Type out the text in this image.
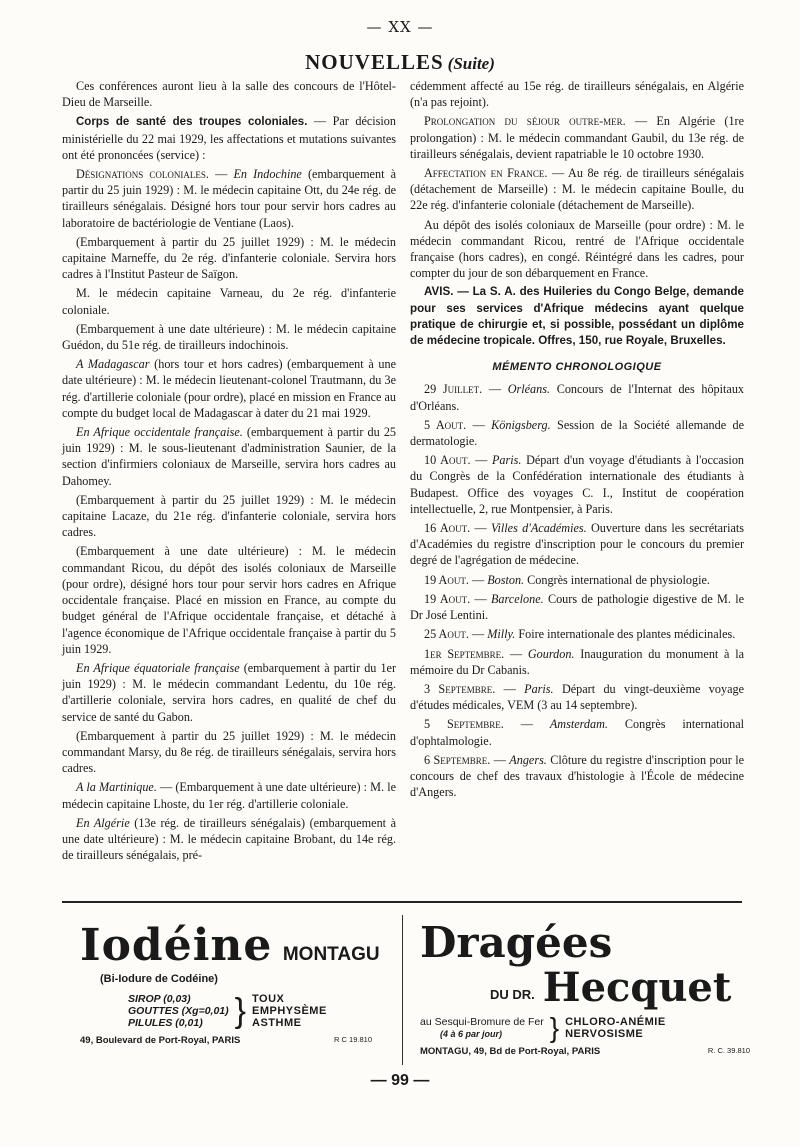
— XX —
NOUVELLES (Suite)

Ces conférences auront lieu à la salle des concours de l'Hôtel-Dieu de Marseille.

Corps de santé des troupes coloniales. — Par décision ministérielle du 22 mai 1929, les affectations et mutations suivantes ont été prononcées (service) :

Désignations coloniales. — En Indochine (embarquement à partir du 25 juin 1929) : M. le médecin capitaine Ott, du 24e rég. de tirailleurs sénégalais. Désigné hors tour pour servir hors cadres au laboratoire de bactériologie de Ventiane (Laos).

(Embarquement à partir du 25 juillet 1929) : M. le médecin capitaine Marneffe, du 2e rég. d'infanterie coloniale. Servira hors cadres à l'Institut Pasteur de Saïgon.

M. le médecin capitaine Varneau, du 2e rég. d'infanterie coloniale.

(Embarquement à une date ultérieure) : M. le médecin capitaine Guédon, du 51e rég. de tirailleurs indochinois.

A Madagascar (hors tour et hors cadres) (embarquement à une date ultérieure) : M. le médecin lieutenant-colonel Trautmann, du 3e rég. d'artillerie coloniale (pour ordre), placé en mission en France au compte du budget local de Madagascar à dater du 21 mai 1929.

En Afrique occidentale française. (embarquement à partir du 25 juin 1929) : M. le sous-lieutenant d'administration Saunier, de la section d'infirmiers coloniaux de Marseille, servira hors cadres au Dahomey.

(Embarquement à partir du 25 juillet 1929) : M. le médecin capitaine Lacaze, du 21e rég. d'infanterie coloniale, servira hors cadres.

(Embarquement à une date ultérieure) : M. le médecin commandant Ricou, du dépôt des isolés coloniaux de Marseille (pour ordre), désigné hors tour pour servir hors cadres en Afrique occidentale française. Placé en mission en France, au compte du budget général de l'Afrique occidentale française, et détaché à l'agence économique de l'Afrique occidentale française à partir du 5 juin 1929.

En Afrique équatoriale française (embarquement à partir du 1er juin 1929) : M. le médecin commandant Ledentu, du 10e rég. d'artillerie coloniale, servira hors cadres, en qualité de chef du service de santé du Gabon.

(Embarquement à partir du 25 juillet 1929) : M. le médecin commandant Marsy, du 8e rég. de tirailleurs sénégalais, servira hors cadres.

A la Martinique. — (Embarquement à une date ultérieure) : M. le médecin capitaine Lhoste, du 1er rég. d'artillerie coloniale.

En Algérie (13e rég. de tirailleurs sénégalais) (embarquement à une date ultérieure) : M. le médecin capitaine Brobant, du 14e rég. de tirailleurs sénégalais, pré-

cédemment affecté au 15e rég. de tirailleurs sénégalais, en Algérie (n'a pas rejoint).

Prolongation du séjour outre-mer. — En Algérie (1re prolongation) : M. le médecin commandant Gaubil, du 13e rég. de tirailleurs sénégalais, devient rapatriable le 10 octobre 1930.

Affectation en France. — Au 8e rég. de tirailleurs sénégalais (détachement de Marseille) : M. le médecin capitaine Boulle, du 22e rég. d'infanterie coloniale (détachement de Marseille).

Au dépôt des isolés coloniaux de Marseille (pour ordre) : M. le médecin commandant Ricou, rentré de l'Afrique occidentale française (hors cadres), en congé. Réintégré dans les cadres, pour compter du jour de son débarquement en France.

AVIS. — La S. A. des Huileries du Congo Belge, demande pour ses services d'Afrique médecins ayant quelque pratique de chirurgie et, si possible, possédant un diplôme de médecine tropicale. Offres, 150, rue Royale, Bruxelles.

MÉMENTO CHRONOLOGIQUE

29 Juillet. — Orléans. Concours de l'Internat des hôpitaux d'Orléans.

5 Aout. — Königsberg. Session de la Société allemande de dermatologie.

10 Aout. — Paris. Départ d'un voyage d'étudiants à l'occasion du Congrès de la Confédération internationale des étudiants à Budapest. Office des voyages C. I., Institut de coopération intellectuelle, 2, rue Montpensier, à Paris.

16 Aout. — Villes d'Académies. Ouverture dans les secrétariats d'Académies du registre d'inscription pour le concours du premier degré de l'agrégation de médecine.

19 Aout. — Boston. Congrès international de physiologie.

19 Aout. — Barcelone. Cours de pathologie digestive de M. le Dr José Lentini.

25 Aout. — Milly. Foire internationale des plantes médicinales.

1er Septembre. — Gourdon. Inauguration du monument à la mémoire du Dr Cabanis.

3 Septembre. — Paris. Départ du vingt-deuxième voyage d'études médicales, VEM (3 au 14 septembre).

5 Septembre. — Amsterdam. Congrès international d'ophtalmologie.

6 Septembre. — Angers. Clôture du registre d'inscription pour le concours de chef des travaux d'histologie à l'École de médecine d'Angers.

Iodéine MONTAGU
(Bi-Iodure de Codéine)
SIROP (0,03)
GOUTTES (Xg=0,01)
PILULES (0,01) } TOUX
EMPHYSÈME
ASTHME
49, Boulevard de Port-Royal, PARIS	R C 19.810
Dragées
DU DR. Hecquet
au Sesqui-Bromure de Fer
(4 à 6 par jour)	} CHLORO-ANÉMIE
NERVOSISME
MONTAGU, 49, Bd de Port-Royal, PARIS	R. C. 39.810
— 99 —
